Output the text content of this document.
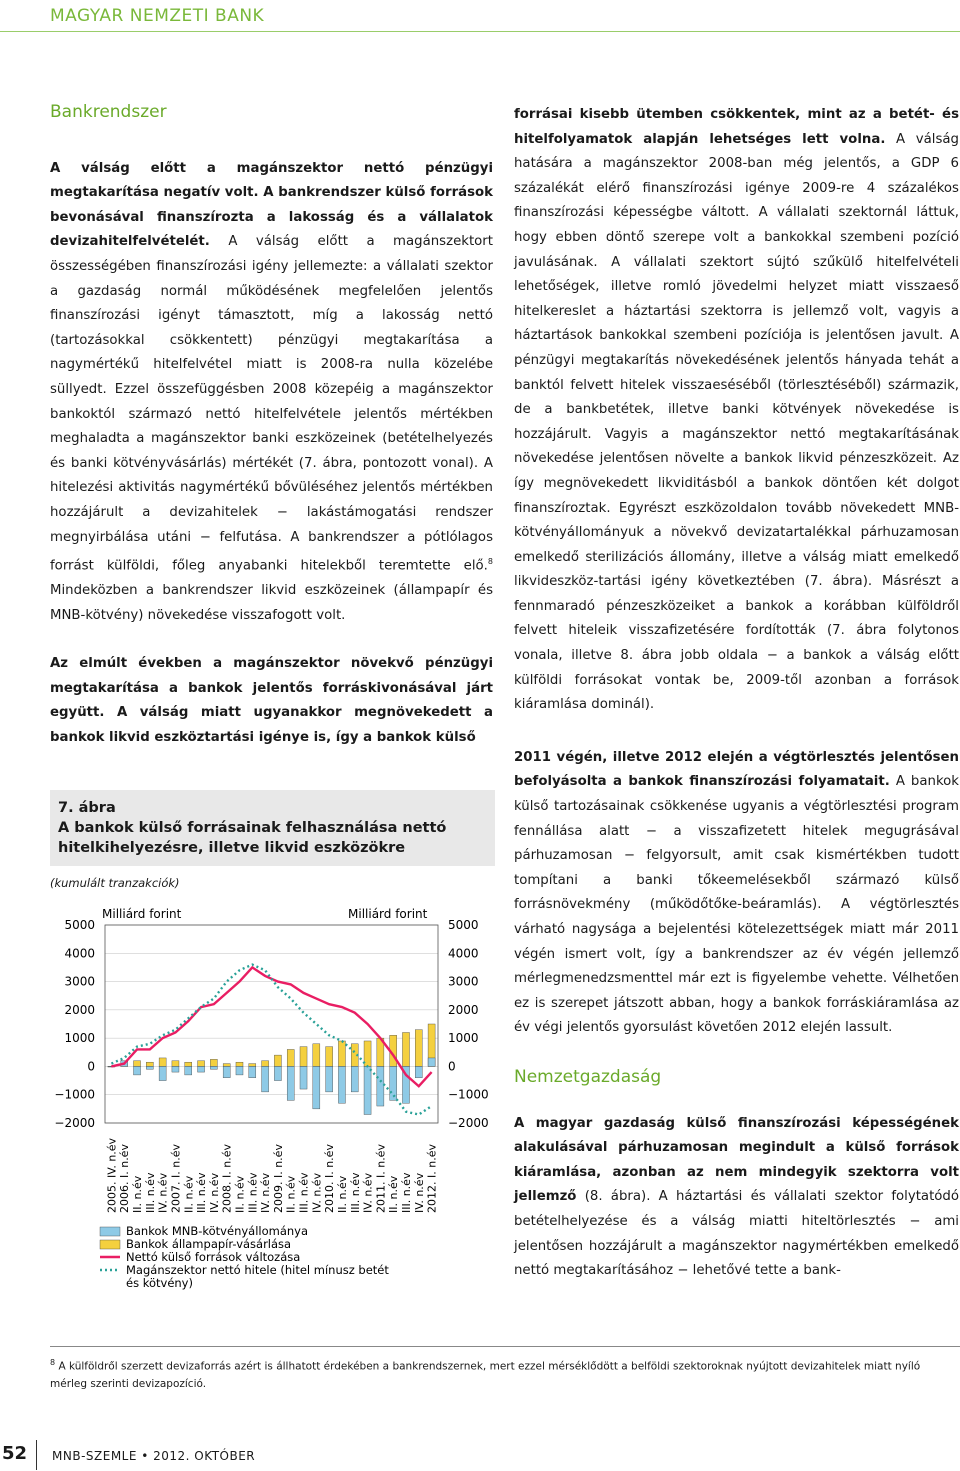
MAGYAR NEMZETI BANK
Bankrendszer

A válság előtt a magánszektor nettó pénzügyi megtakarítása negatív volt. A bankrendszer külső források bevonásával finanszírozta a lakosság és a vállalatok devizahitelfelvételét. A válság előtt a magánszektort összességében finanszírozási igény jellemezte: a vállalati szektor a gazdaság normál működésének megfelelően jelentős finanszírozási igényt támasztott, míg a lakosság nettó (tartozásokkal csökkentett) pénzügyi megtakarítása a nagymértékű hitelfelvétel miatt is 2008-ra nulla közelébe süllyedt. Ezzel összefüggésben 2008 közepéig a magánszektor bankoktól származó nettó hitelfelvétele jelentős mértékben meghaladta a magánszektor banki eszközeinek (betételhelyezés és banki kötvényvásárlás) mértékét (7. ábra, pontozott vonal). A hitelezési aktivitás nagymértékű bővüléséhez jelentős mértékben hozzájárult a devizahitelek − lakástámogatási rendszer megnyirbálása utáni − felfutása. A bankrendszer a pótlólagos forrást külföldi, főleg anyabanki hitelekből teremtette elő.$^8$ Mindeközben a bankrendszer likvid eszközeinek (állampapír és MNB-kötvény) növekedése visszafogott volt.

Az elmúlt években a magánszektor növekvő pénzügyi megtakarítása a bankok jelentős forráskivonásával járt együtt. A válság miatt ugyanakkor megnövekedett a bankok likvid eszköztartási igénye is, így a bankok külső

7. ábra
A bankok külső forrásainak felhasználása nettó hitelkihelyezésre, illetve likvid eszközökre
(kumulált tranzakciók)
Milliárd forint	Milliárd forint
5000	5000
4000	4000
3000	3000
2000	2000
1000	1000
0	0
−1000	−1000
−2000	−2000
2005. IV. n.év 2006. I. n.év II. n.év III. n.év IV. n.év 2007. I. n.év II. n.év III. n.év IV. n.év 2008. I. n.év II. n.év III. n.év IV. n.év 2009. I. n.év II. n.év III. n.év IV. n.év 2010. I. n.év II. n.év III. n.év IV. n.év 2011. I. n.év II. n.év III. n.év IV. n.év 2012. I. n.év
Bankok MNB-kötvényállománya
Bankok állampapír-vásárlása
Nettó külső források változása
Magánszektor nettó hitele (hitel mínusz betét
és kötvény)

forrásai kisebb ütemben csökkentek, mint az a betét- és hitelfolyamatok alapján lehetséges lett volna. A válság hatására a magánszektor 2008-ban még jelentős, a GDP 6 százalékát elérő finanszírozási igénye 2009-re 4 százalékos finanszírozási képességbe váltott. A vállalati szektornál láttuk, hogy ebben döntő szerepe volt a bankokkal szembeni pozíció javulásának. A vállalati szektort sújtó szűkülő hitelfelvételi lehetőségek, illetve romló jövedelmi helyzet miatt visszaeső hitelkereslet a háztartási szektorra is jellemző volt, vagyis a háztartások bankokkal szembeni pozíciója is jelentősen javult. A pénzügyi megtakarítás növekedésének jelentős hányada tehát a banktól felvett hitelek visszaeséséből (törlesztéséből) származik, de a bankbetétek, illetve banki kötvények növekedése is hozzájárult. Vagyis a magánszektor nettó megtakarításának növekedése jelentősen növelte a bankok likvid pénzeszközeit. Az így megnövekedett likviditásból a bankok döntően két dolgot finanszíroztak. Egyrészt eszközoldalon tovább növekedett MNB-kötvényállományuk a növekvő devizatartalékkal párhuzamosan emelkedő sterilizációs állomány, illetve a válság miatt emelkedő likvideszköz-tartási igény következtében (7. ábra). Másrészt a fennmaradó pénzeszközeiket a bankok a korábban külföldről felvett hiteleik visszafizetésére fordították (7. ábra folytonos vonala, illetve 8. ábra jobb oldala − a bankok a válság előtt külföldi forrásokat vontak be, 2009-től azonban a források kiáramlása dominál).

2011 végén, illetve 2012 elején a végtörlesztés jelentősen befolyásolta a bankok finanszírozási folyamatait. A bankok külső tartozásainak csökkenése ugyanis a végtörlesztési program fennállása alatt − a visszafizetett hitelek megugrásával párhuzamosan − felgyorsult, amit csak kismértékben tudott tompítani a banki tőkeemelésekből származó külső forrásnövekmény (működőtőke-beáramlás). A végtörlesztés várható nagysága a bejelentési kötelezettségek miatt már 2011 végén ismert volt, így a bankrendszer az év végén jellemző mérlegmenedzsmenttel már ezt is figyelembe vehette. Vélhetően ez is szerepet játszott abban, hogy a bankok forráskiáramlása az év végi jelentős gyorsulást követően 2012 elején lassult.

Nemzetgazdaság

A magyar gazdaság külső finanszírozási képességének alakulásával párhuzamosan megindult a külső források kiáramlása, azonban az nem mindegyik szektorra volt jellemző (8. ábra). A háztartási és vállalati szektor folytatódó betételhelyezése és a válság miatti hiteltörlesztés − ami jelentősen hozzájárult a magánszektor nagymértékben emelkedő nettó megtakarításához − lehetővé tette a bank-

$^8$ A külföldről szerzett devizaforrás azért is állhatott érdekében a bankrendszernek, mert ezzel mérséklődött a belföldi szektoroknak nyújtott devizahitelek miatt nyíló mérleg szerinti devizapozíció.
52 MNB-SZEMLE • 2012. OKTÓBER
